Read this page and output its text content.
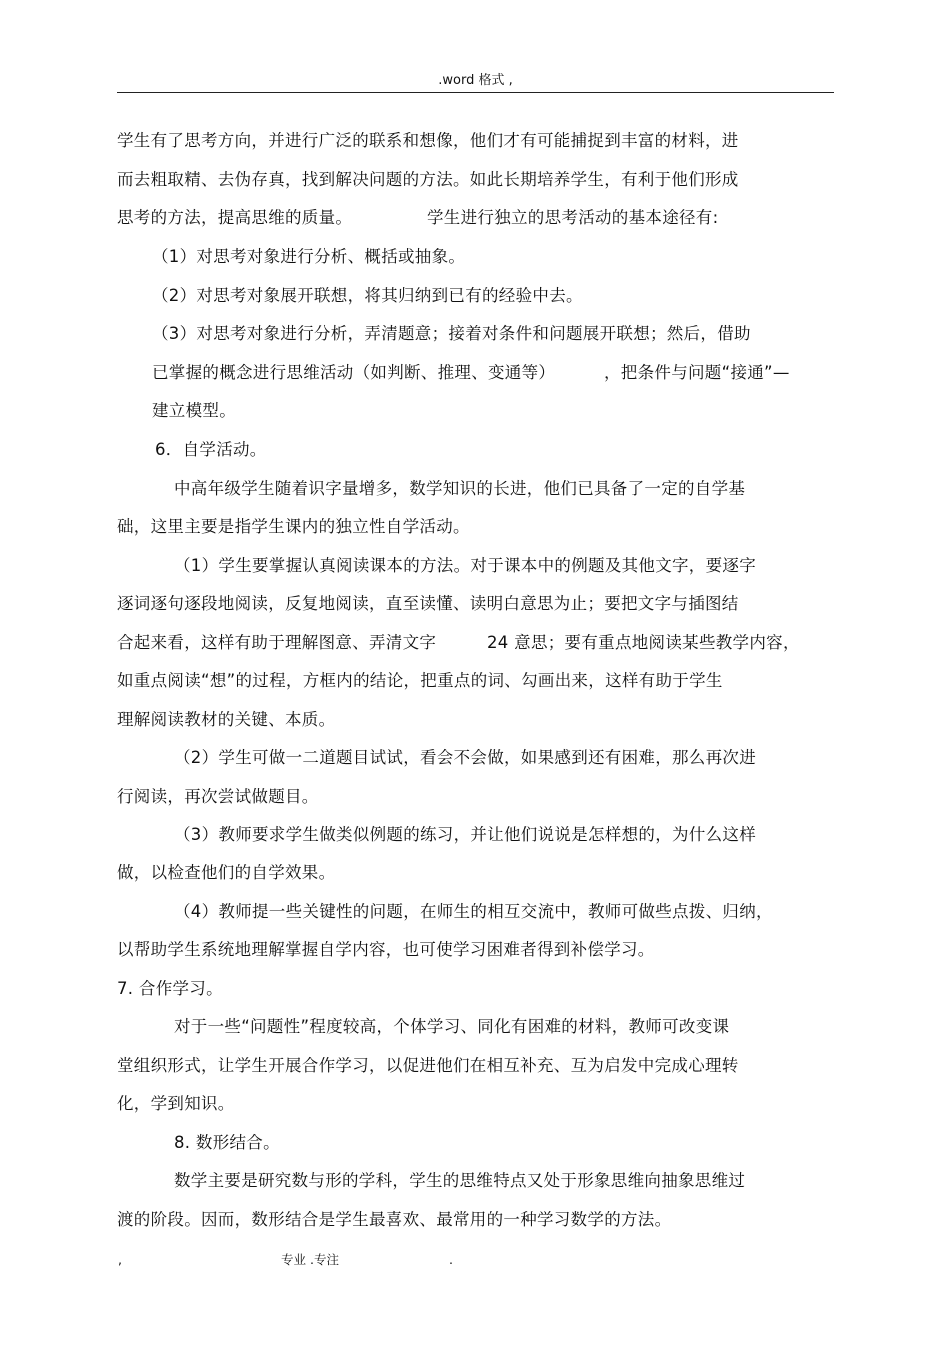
.word 格式 ,
学生有了思考方向，并进行广泛的联系和想像，他们才有可能捕捉到丰富的材料，进
而去粗取精、去伪存真，找到解决问题的方法。如此长期培养学生，有利于他们形成
思考的方法，提高思维的质量。	学生进行独立的思考活动的基本途径有:
（1）对思考对象进行分析、概括或抽象。
（2）对思考对象展开联想，将其归纳到已有的经验中去。
（3）对思考对象进行分析，弄清题意；接着对条件和问题展开联想；然后，借助
已掌握的概念进行思维活动（如判断、推理、变通等）	，把条件与问题“接通”—
建立模型。
6．自学活动。
中高年级学生随着识字量增多，数学知识的长进，他们已具备了一定的自学基
础，这里主要是指学生课内的独立性自学活动。
（1）学生要掌握认真阅读课本的方法。对于课本中的例题及其他文字，要逐字
逐词逐句逐段地阅读，反复地阅读，直至读懂、读明白意思为止；要把文字与插图结
合起来看，这样有助于理解图意、弄清文字	24 意思；要有重点地阅读某些教学内容，
如重点阅读“想”的过程，方框内的结论，把重点的词、勾画出来，这样有助于学生
理解阅读教材的关键、本质。
（2）学生可做一二道题目试试，看会不会做，如果感到还有困难，那么再次进
行阅读，再次尝试做题目。
（3）教师要求学生做类似例题的练习，并让他们说说是怎样想的，为什么这样
做，以检查他们的自学效果。
（4）教师提一些关键性的问题，在师生的相互交流中，教师可做些点拨、归纳，
以帮助学生系统地理解掌握自学内容，也可使学习困难者得到补偿学习。
7. 合作学习。
对于一些“问题性”程度较高，个体学习、同化有困难的材料，教师可改变课
堂组织形式，让学生开展合作学习，以促进他们在相互补充、互为启发中完成心理转
化，学到知识。
8. 数形结合。
数学主要是研究数与形的学科，学生的思维特点又处于形象思维向抽象思维过
渡的阶段。因而，数形结合是学生最喜欢、最常用的一种学习数学的方法。
,	专业 .专注	.
